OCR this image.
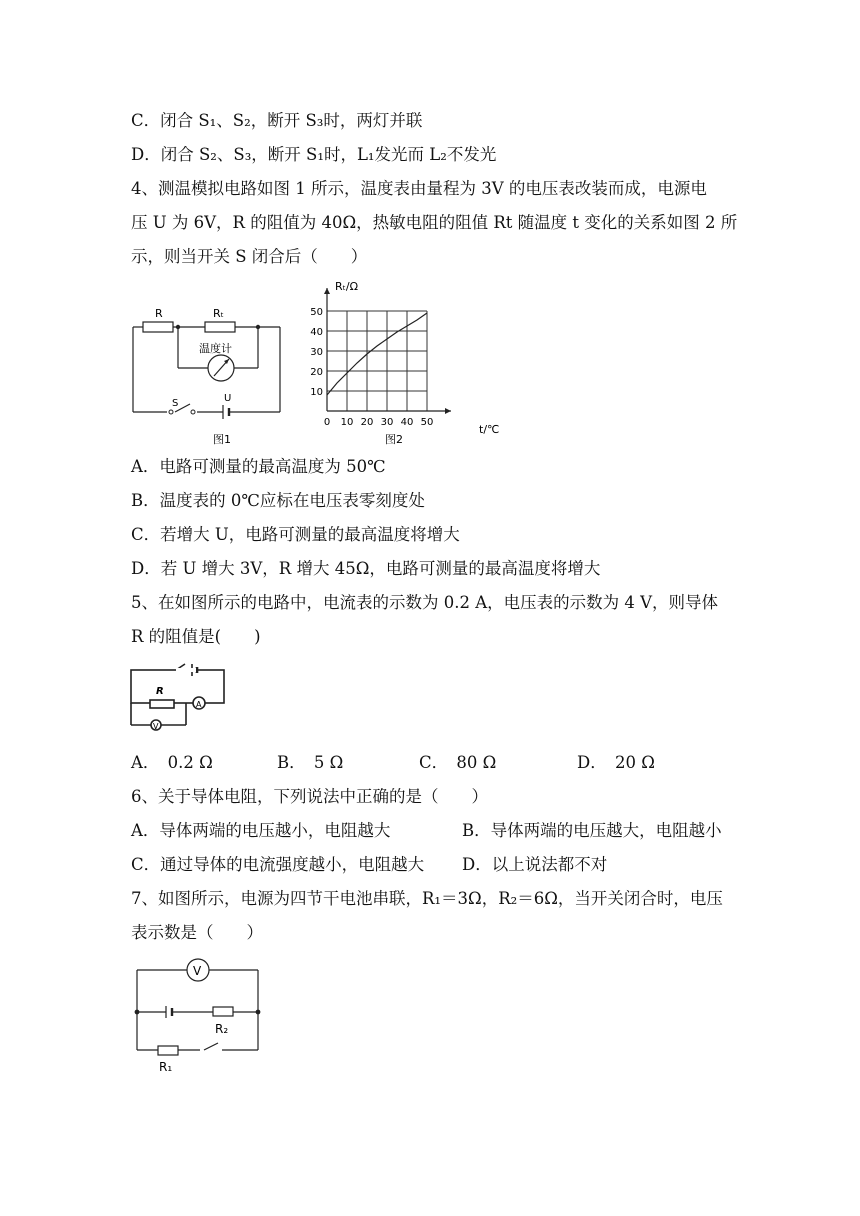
C．闭合 S₁、S₂，断开 S₃时，两灯并联
D．闭合 S₂、S₃，断开 S₁时，L₁发光而 L₂不发光
4、测温模拟电路如图 1 所示，温度表由量程为 3V 的电压表改装而成，电源电
压 U 为 6V，R 的阻值为 40Ω，热敏电阻的阻值 Rt 随温度 t 变化的关系如图 2 所
示，则当开关 S 闭合后（　　）
R	Rₜ
温度计
S	U
图1
0 10 20 30 40 50
10
20
30
40
50
Rₜ/Ω
t/℃
图2
A．电路可测量的最高温度为 50℃
B．温度表的 0℃应标在电压表零刻度处
C．若增大 U，电路可测量的最高温度将增大
D．若 U 增大 3V，R 增大 45Ω，电路可测量的最高温度将增大
5、在如图所示的电路中，电流表的示数为 0.2 A，电压表的示数为 4 V，则导体
R 的阻值是(　　)
R
A
V
A．　0.2 Ω	B．　5 Ω	C．　80 Ω	D．　20 Ω
6、关于导体电阻，下列说法中正确的是（　　）
A．导体两端的电压越小，电阻越大	B．导体两端的电压越大，电阻越小
C．通过导体的电流强度越小，电阻越大 D．以上说法都不对
7、如图所示，电源为四节干电池串联，R₁＝3Ω，R₂＝6Ω，当开关闭合时，电压
表示数是（　　）
V
R₂
R₁
